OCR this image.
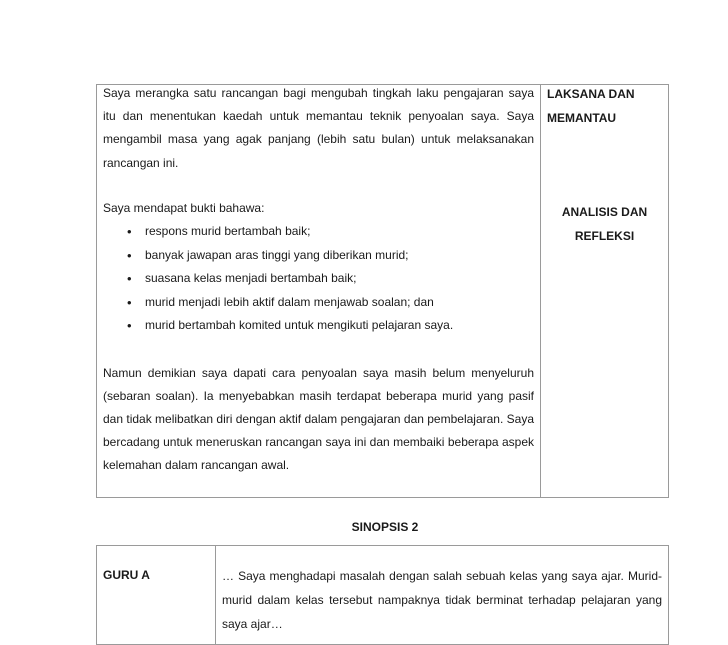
Saya merangka satu rancangan bagi mengubah tingkah laku pengajaran saya itu dan menentukan kaedah untuk memantau teknik penyoalan saya. Saya mengambil masa yang agak panjang (lebih satu bulan) untuk melaksanakan rancangan ini.

Saya mendapat bukti bahawa:

• respons murid bertambah baik;
• banyak jawapan aras tinggi yang diberikan murid;
• suasana kelas menjadi bertambah baik;
• murid menjadi lebih aktif dalam menjawab soalan; dan
• murid bertambah komited untuk mengikuti pelajaran saya.

Namun demikian saya dapati cara penyoalan saya masih belum menyeluruh (sebaran soalan). Ia menyebabkan masih terdapat beberapa murid yang pasif dan tidak melibatkan diri dengan aktif dalam pengajaran dan pembelajaran. Saya bercadang untuk meneruskan rancangan saya ini dan membaiki beberapa aspek kelemahan dalam rancangan awal.

LAKSANA DAN
MEMANTAU
ANALISIS DAN
REFLEKSI
SINOPSIS 2
GURU A	… Saya menghadapi masalah dengan salah sebuah kelas yang saya ajar. Murid-murid dalam kelas tersebut nampaknya tidak berminat terhadap pelajaran yang saya ajar…
